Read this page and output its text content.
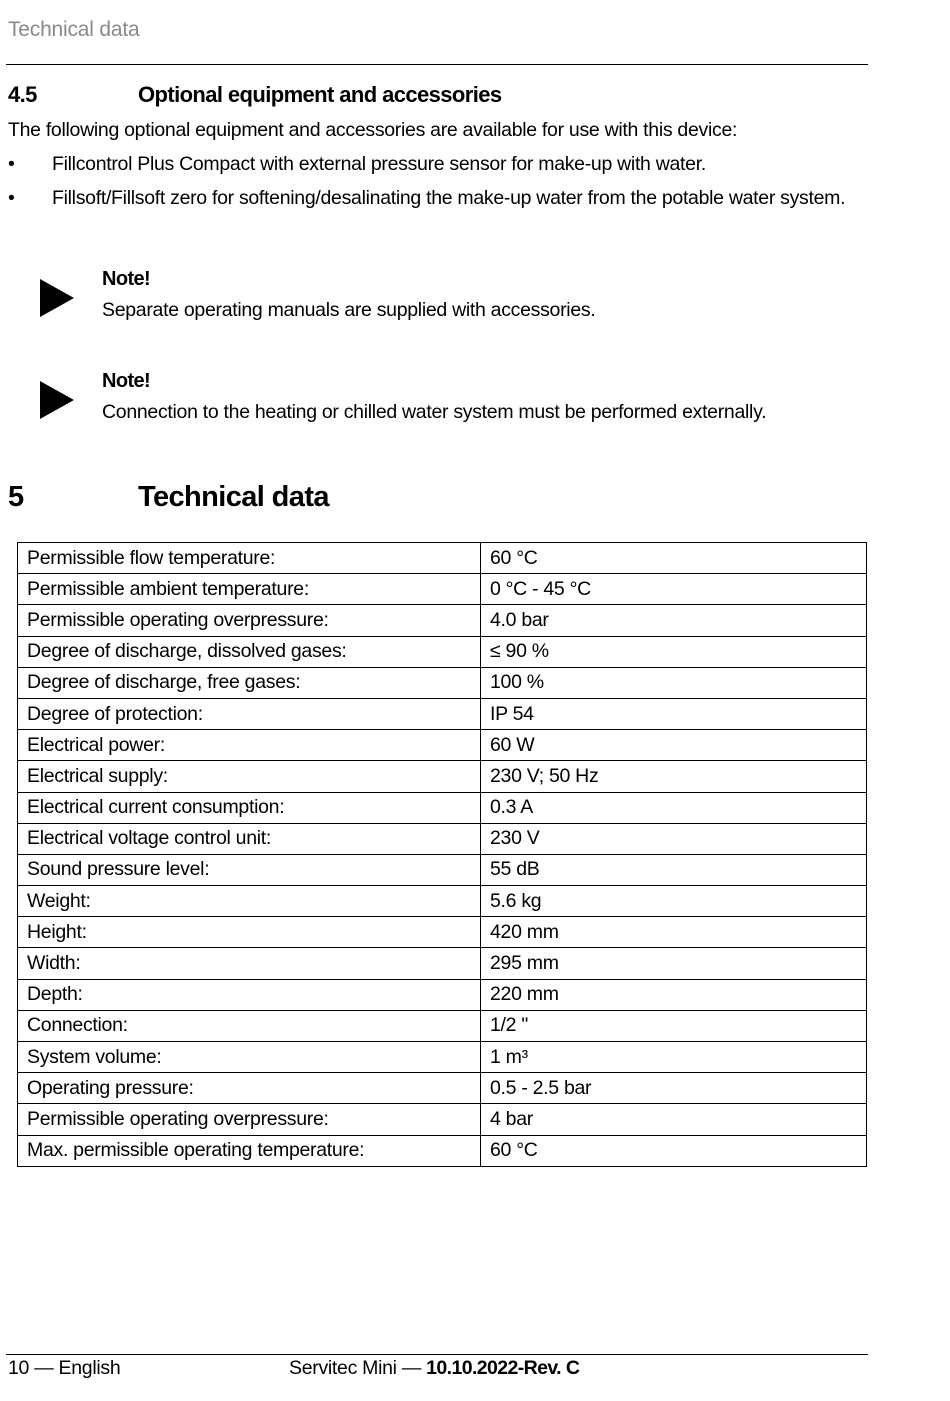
Technical data
4.5	Optional equipment and accessories
The following optional equipment and accessories are available for use with this device:
• Fillcontrol Plus Compact with external pressure sensor for make-up with water.
• Fillsoft/Fillsoft zero for softening/desalinating the make-up water from the potable water system.
Note!
Separate operating manuals are supplied with accessories.
Note!
Connection to the heating or chilled water system must be performed externally.
5	Technical data
Permissible flow temperature:	60 °C
Permissible ambient temperature:	0 °C - 45 °C
Permissible operating overpressure:	4.0 bar
Degree of discharge, dissolved gases:	≤ 90 %
Degree of discharge, free gases:	100 %
Degree of protection:	IP 54
Electrical power:	60 W
Electrical supply:	230 V; 50 Hz
Electrical current consumption:	0.3 A
Electrical voltage control unit:	230 V
Sound pressure level:	55 dB
Weight:	5.6 kg
Height:	420 mm
Width:	295 mm
Depth:	220 mm
Connection:	1/2 "
System volume:	1 m³
Operating pressure:	0.5 - 2.5 bar
Permissible operating overpressure:	4 bar
Max. permissible operating temperature:	60 °C
10 — English	Servitec Mini — 10.10.2022-Rev. C
